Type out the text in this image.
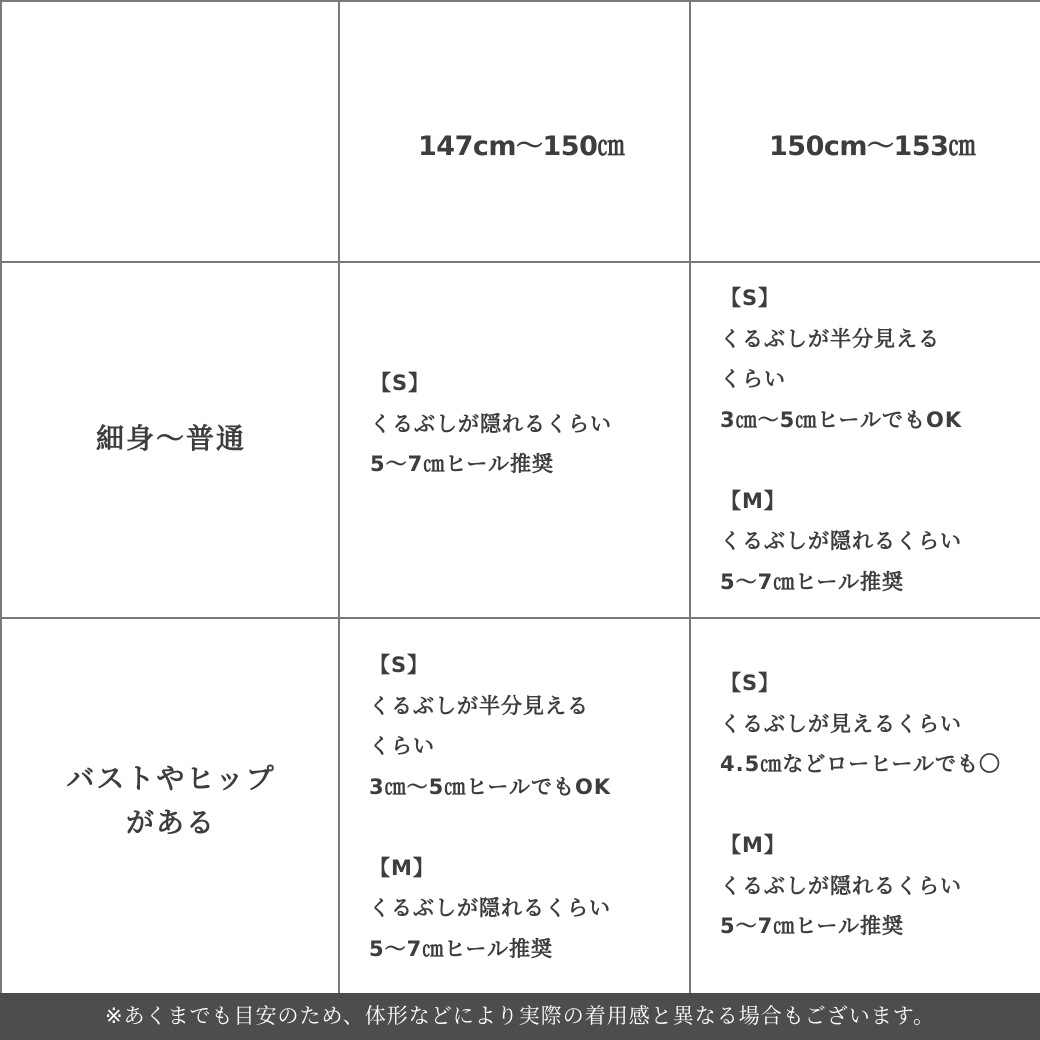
147cm〜150㎝	150cm〜153㎝
細身〜普通
【S】
くるぶしが隠れるくらい
5〜7㎝ヒール推奨
【S】
くるぶしが半分見える
くらい
3㎝〜5㎝ヒールでもOK
【M】
くるぶしが隠れるくらい
5〜7㎝ヒール推奨
バストやヒップ
がある
【S】
くるぶしが半分見える
くらい
3㎝〜5㎝ヒールでもOK
【M】
くるぶしが隠れるくらい
5〜7㎝ヒール推奨
【S】
くるぶしが見えるくらい
4.5㎝などローヒールでも〇
【M】
くるぶしが隠れるくらい
5〜7㎝ヒール推奨
※あくまでも目安のため、体形などにより実際の着用感と異なる場合もございます。
